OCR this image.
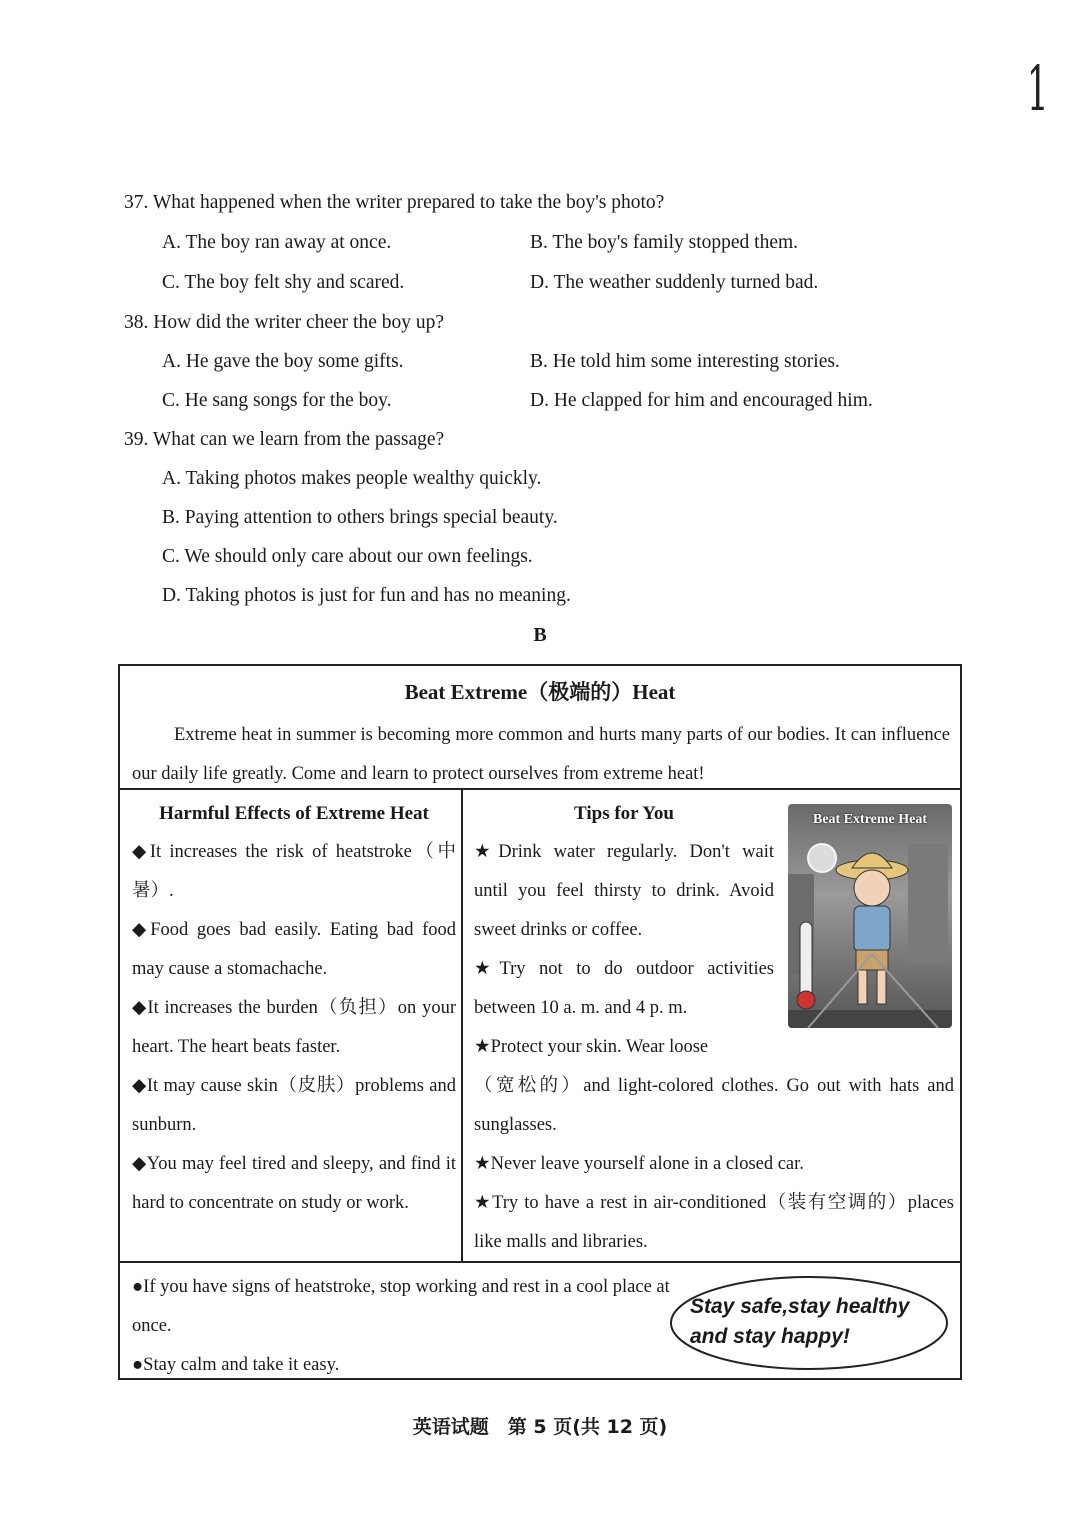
1
37. What happened when the writer prepared to take the boy's photo?
A. The boy ran away at once.	B. The boy's family stopped them.
C. The boy felt shy and scared.	D. The weather suddenly turned bad.
38. How did the writer cheer the boy up?
A. He gave the boy some gifts.	B. He told him some interesting stories.
C. He sang songs for the boy.	D. He clapped for him and encouraged him.
39. What can we learn from the passage?
A. Taking photos makes people wealthy quickly.
B. Paying attention to others brings special beauty.
C. We should only care about our own feelings.
D. Taking photos is just for fun and has no meaning.
B
Beat Extreme（极端的）Heat
Extreme heat in summer is becoming more common and hurts many parts of our bodies. It can influence our daily life greatly. Come and learn to protect ourselves from extreme heat!
Harmful Effects of Extreme Heat

◆It increases the risk of heatstroke（中暑）.

◆Food goes bad easily. Eating bad food may cause a stomachache.

◆It increases the burden（负担）on your heart. The heart beats faster.

◆It may cause skin（皮肤）problems and sunburn.

◆You may feel tired and sleepy, and find it hard to concentrate on study or work.

Tips for You

★Drink water regularly. Don't wait until you feel thirsty to drink. Avoid sweet drinks or coffee.

★Try not to do outdoor activities between 10 a. m. and 4 p. m.

★Protect your skin. Wear loose

（宽松的）and light-colored clothes. Go out with hats and sunglasses.

★Never leave yourself alone in a closed car.

★Try to have a rest in air-conditioned（装有空调的）places like malls and libraries.

Beat Extreme Heat

●If you have signs of heatstroke, stop working and rest in a cool place at once.

●Stay calm and take it easy.

Stay safe,stay healthy
and stay happy!
英语试题　第 5 页(共 12 页)
